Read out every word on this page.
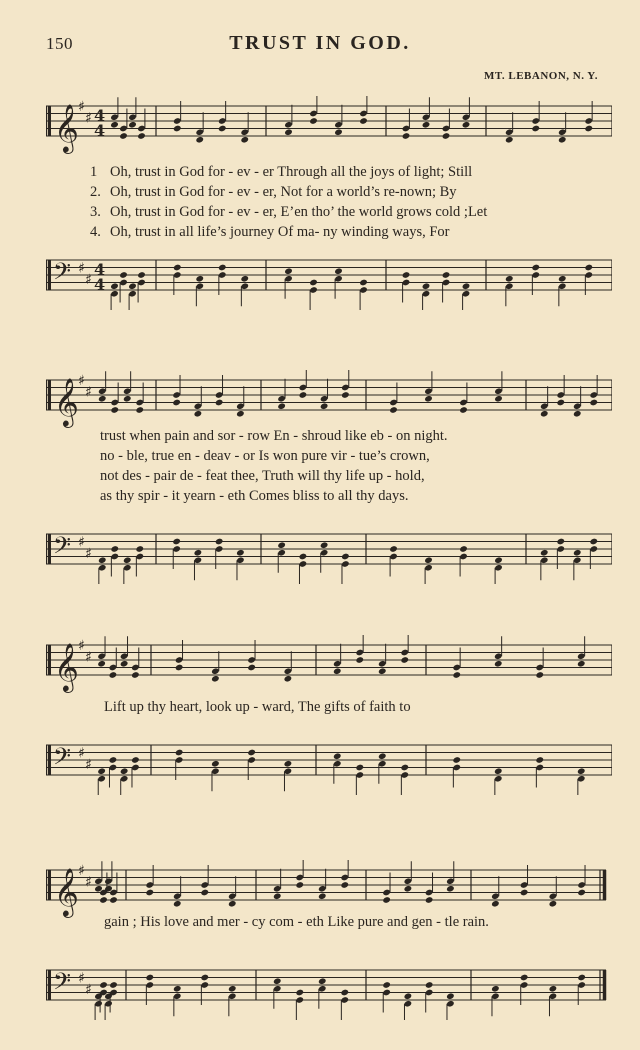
150	TRUST IN GOD.
MT. LEBANON, N. Y.
𝄞 ♯
♯ 4
4
𝄢 ♯
♯
4
4
1 Oh, trust in God for - ev - er Through all the joys of light; Still
2. Oh, trust in God for - ev - er, Not for a world’s re-nown; By
3. Oh, trust in God for - ev - er, E’en tho’ the world grows cold ;Let
4. Oh, trust in all life’s journey Of ma- ny winding ways, For
𝄞 ♯
♯
𝄢 ♯
♯
trust when pain and sor - row En - shroud like eb - on night.
no - ble, true en - deav - or Is won pure vir - tue’s crown,
not des - pair de - feat thee, Truth will thy life up - hold,
as thy spir - it yearn - eth Comes bliss to all thy days.
𝄞 ♯
♯
𝄢 ♯
♯
Lift up thy heart, look up - ward, The gifts of faith to
𝄞 ♯
♯
𝄢 ♯
♯
gain ; His love and mer - cy com - eth Like pure and gen - tle rain.
